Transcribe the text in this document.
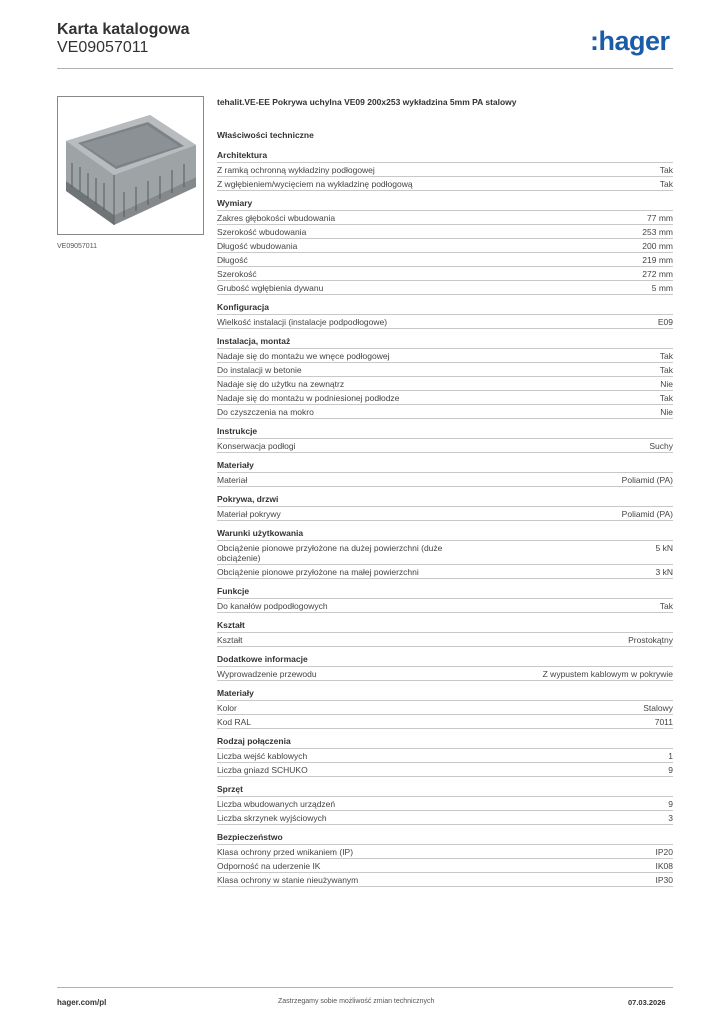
Karta katalogowa
VE09057011	:hager
VE09057011
tehalit.VE-EE Pokrywa uchylna VE09 200x253 wykładzina 5mm PA stalowy
Właściwości techniczne
Architektura
Z ramką ochronną wykładziny podłogowej	Tak
Z wgłębieniem/wycięciem na wykładzinę podłogową	Tak
Wymiary
Zakres głębokości wbudowania	77 mm
Szerokość wbudowania	253 mm
Długość wbudowania	200 mm
Długość	219 mm
Szerokość	272 mm
Grubość wgłębienia dywanu	5 mm
Konfiguracja
Wielkość instalacji (instalacje podpodłogowe)	E09
Instalacja, montaż
Nadaje się do montażu we wnęce podłogowej	Tak
Do instalacji w betonie	Tak
Nadaje się do użytku na zewnątrz	Nie
Nadaje się do montażu w podniesionej podłodze	Tak
Do czyszczenia na mokro	Nie
Instrukcje
Konserwacja podłogi	Suchy
Materiały
Materiał	Poliamid (PA)
Pokrywa, drzwi
Materiał pokrywy	Poliamid (PA)
Warunki użytkowania
Obciążenie pionowe przyłożone na dużej powierzchni (duże obciążenie)
5 kN
Obciążenie pionowe przyłożone na małej powierzchni	3 kN
Funkcje
Do kanałów podpodłogowych	Tak
Kształt
Kształt	Prostokątny
Dodatkowe informacje
Wyprowadzenie przewodu	Z wypustem kablowym w pokrywie
Materiały
Kolor	Stalowy
Kod RAL	7011
Rodzaj połączenia
Liczba wejść kablowych	1
Liczba gniazd SCHUKO	9
Sprzęt
Liczba wbudowanych urządzeń	9
Liczba skrzynek wyjściowych	3
Bezpieczeństwo
Klasa ochrony przed wnikaniem (IP)	IP20
Odporność na uderzenie IK	IK08
Klasa ochrony w stanie nieużywanym	IP30
hager.com/pl	Zastrzegamy sobie możliwość zmian technicznych	07.03.2026
